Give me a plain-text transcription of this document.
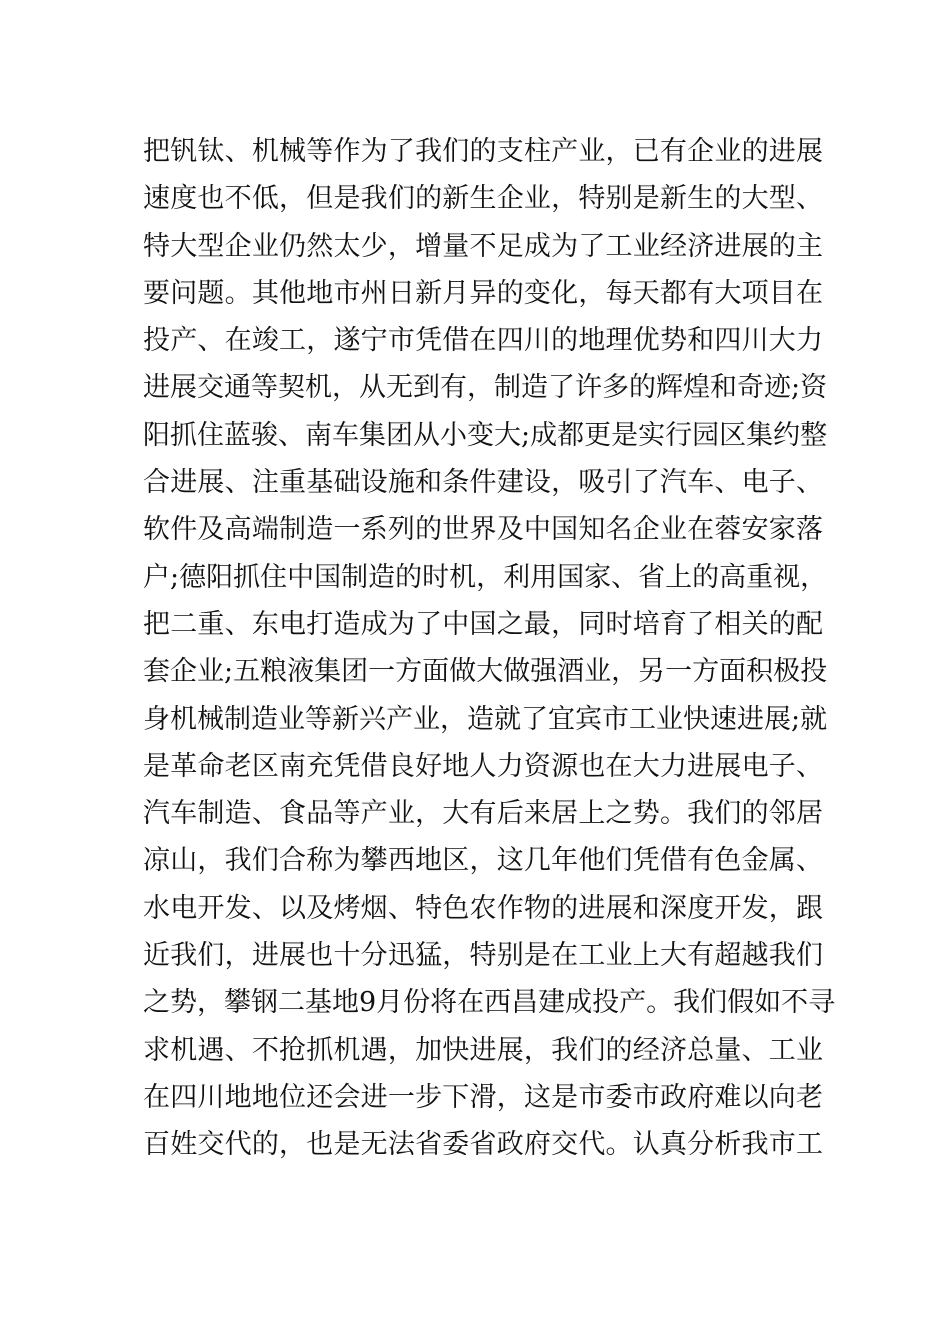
把钒钛、机械等作为了我们的支柱产业，已有企业的进展
速度也不低，但是我们的新生企业，特别是新生的大型、
特大型企业仍然太少，增量不足成为了工业经济进展的主
要问题。其他地市州日新月异的变化，每天都有大项目在
投产、在竣工，遂宁市凭借在四川的地理优势和四川大力
进展交通等契机，从无到有，制造了许多的辉煌和奇迹;资
阳抓住蓝骏、南车集团从小变大;成都更是实行园区集约整
合进展、注重基础设施和条件建设，吸引了汽车、电子、
软件及高端制造一系列的世界及中国知名企业在蓉安家落
户;德阳抓住中国制造的时机，利用国家、省上的高重视，
把二重、东电打造成为了中国之最，同时培育了相关的配
套企业;五粮液集团一方面做大做强酒业，另一方面积极投
身机械制造业等新兴产业，造就了宜宾市工业快速进展;就
是革命老区南充凭借良好地人力资源也在大力进展电子、
汽车制造、食品等产业，大有后来居上之势。我们的邻居
凉山，我们合称为攀西地区，这几年他们凭借有色金属、
水电开发、以及烤烟、特色农作物的进展和深度开发，跟
近我们，进展也十分迅猛，特别是在工业上大有超越我们
之势，攀钢二基地9月份将在西昌建成投产。我们假如不寻
求机遇、不抢抓机遇，加快进展，我们的经济总量、工业
在四川地地位还会进一步下滑，这是市委市政府难以向老
百姓交代的，也是无法省委省政府交代。认真分析我市工
